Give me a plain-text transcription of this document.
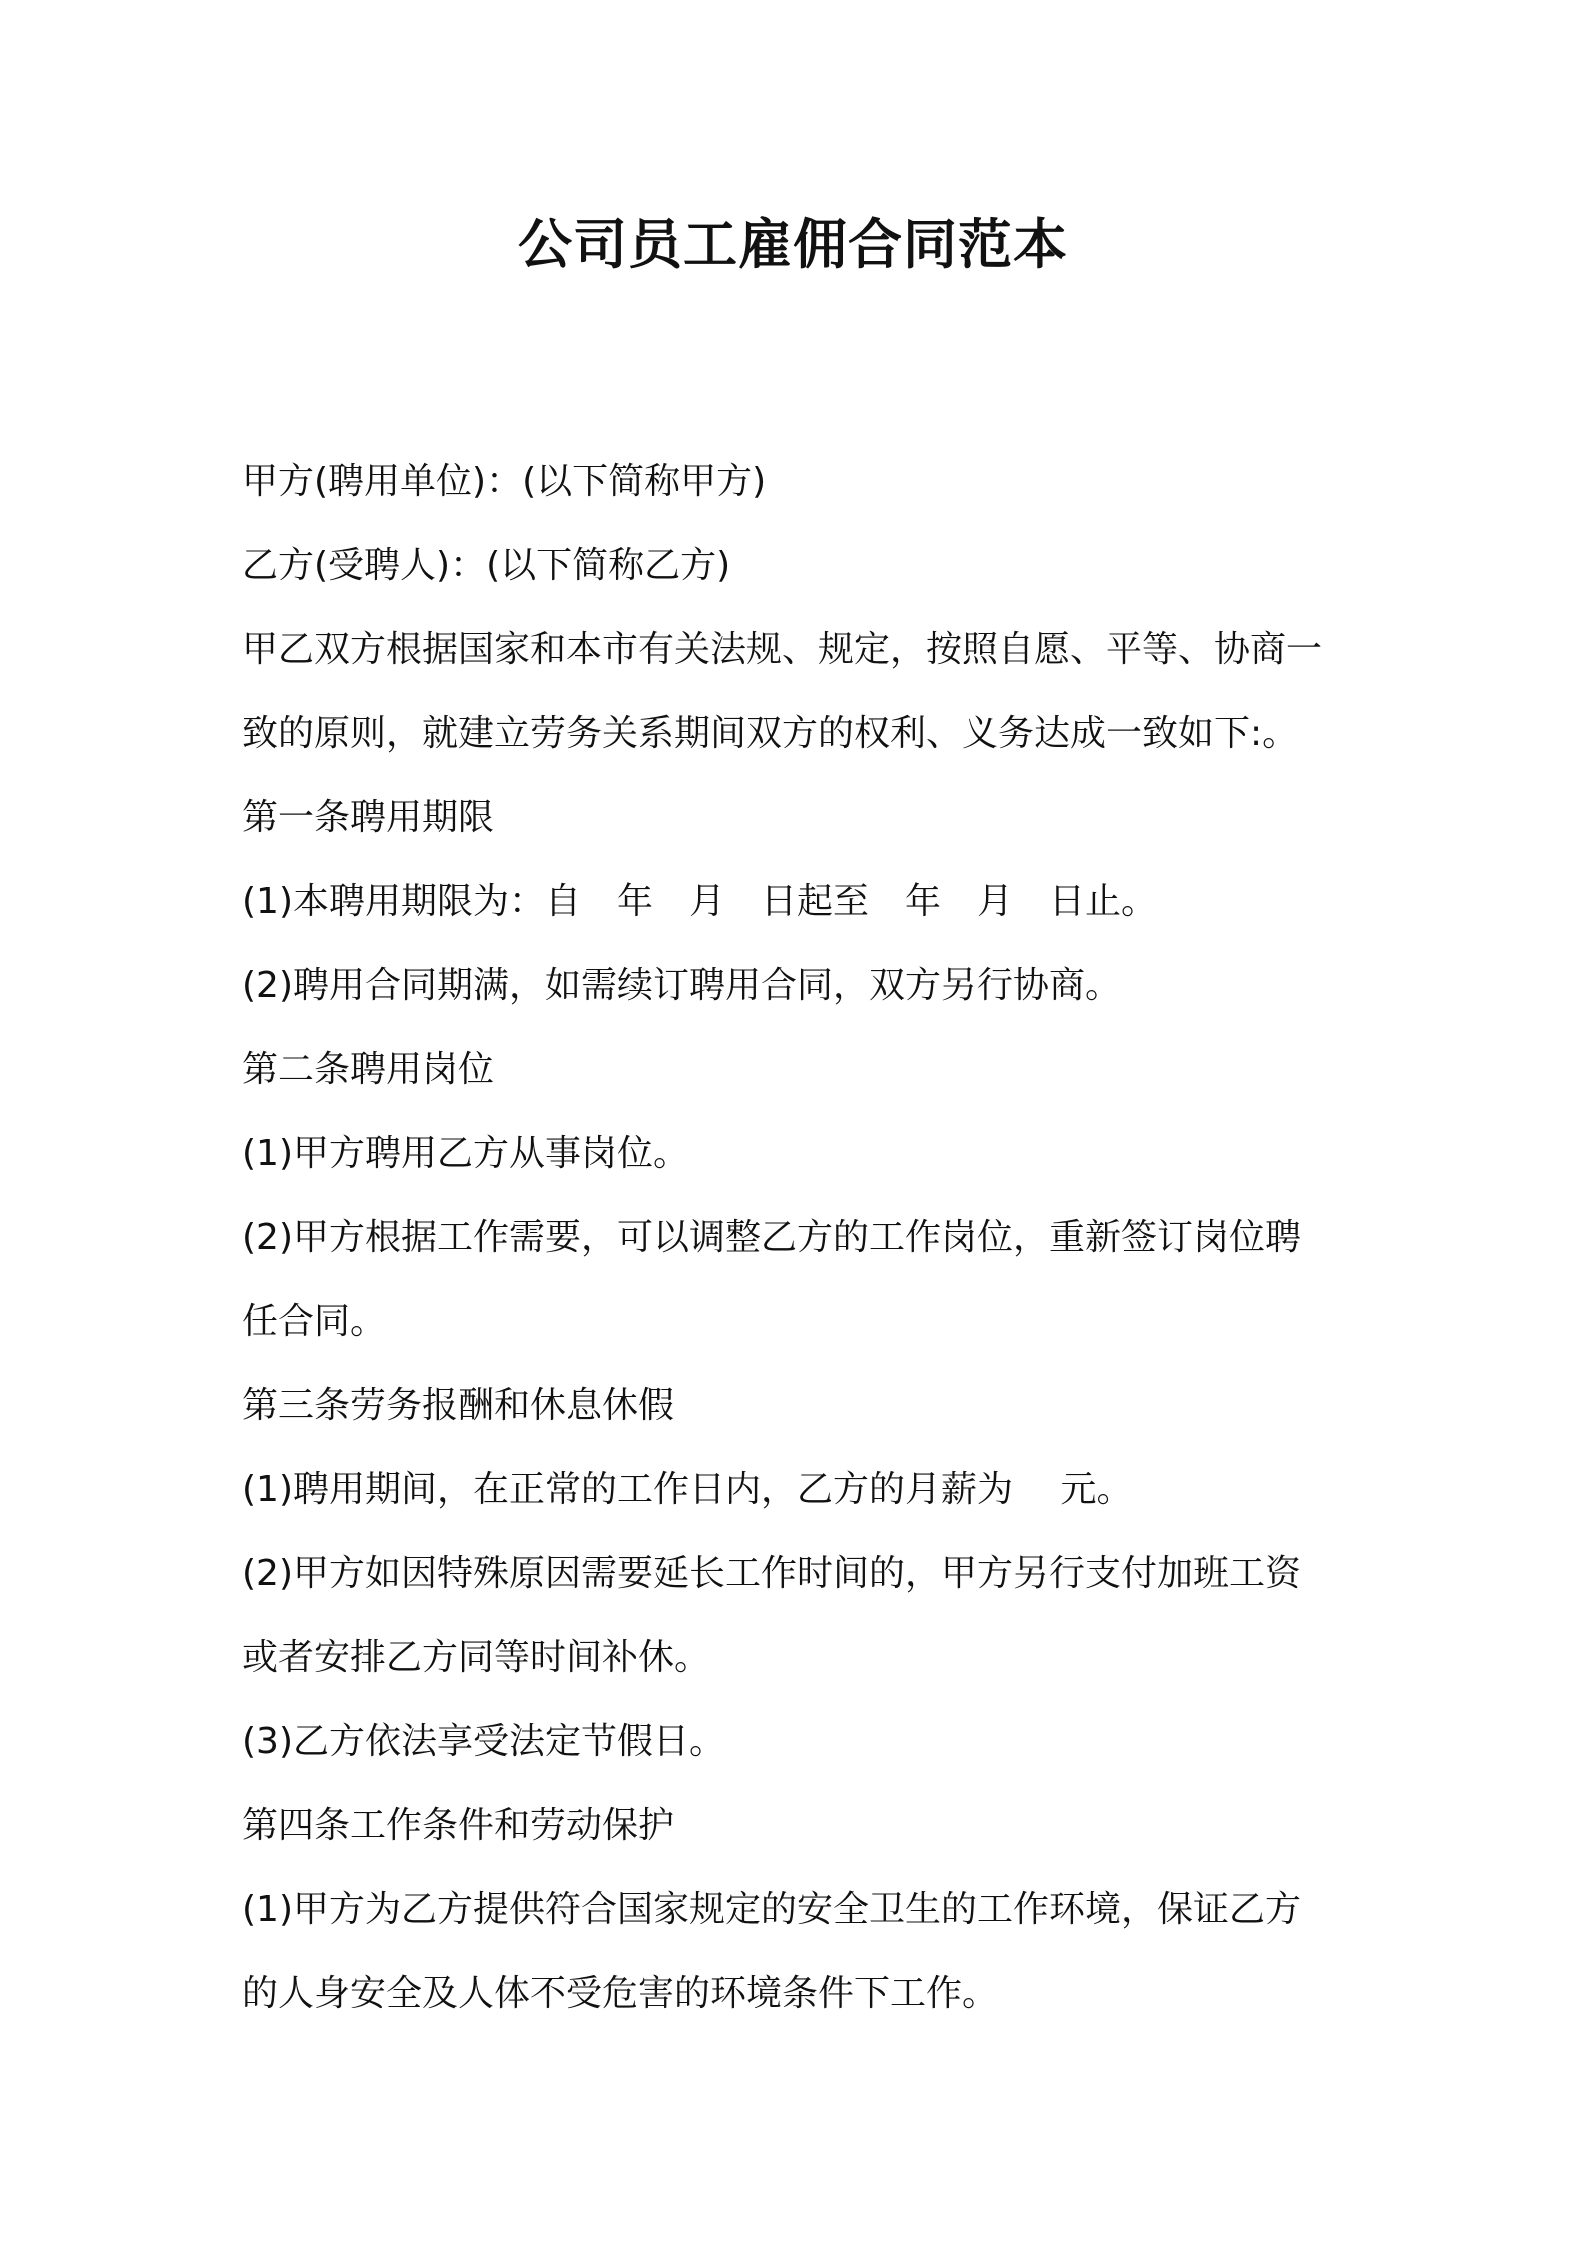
公司员工雇佣合同范本
甲方(聘用单位)：(以下简称甲方)
乙方(受聘人)：(以下简称乙方)
甲乙双方根据国家和本市有关法规、规定，按照自愿、平等、协商一
致的原则，就建立劳务关系期间双方的权利、义务达成一致如下:。
第一条聘用期限
(1)本聘用期限为：自　年　月　日起至　年　月　日止。
(2)聘用合同期满，如需续订聘用合同，双方另行协商。
第二条聘用岗位
(1)甲方聘用乙方从事岗位。
(2)甲方根据工作需要，可以调整乙方的工作岗位，重新签订岗位聘
任合同。
第三条劳务报酬和休息休假
(1)聘用期间，在正常的工作日内，乙方的月薪为　 元。
(2)甲方如因特殊原因需要延长工作时间的，甲方另行支付加班工资
或者安排乙方同等时间补休。
(3)乙方依法享受法定节假日。
第四条工作条件和劳动保护
(1)甲方为乙方提供符合国家规定的安全卫生的工作环境，保证乙方
的人身安全及人体不受危害的环境条件下工作。
